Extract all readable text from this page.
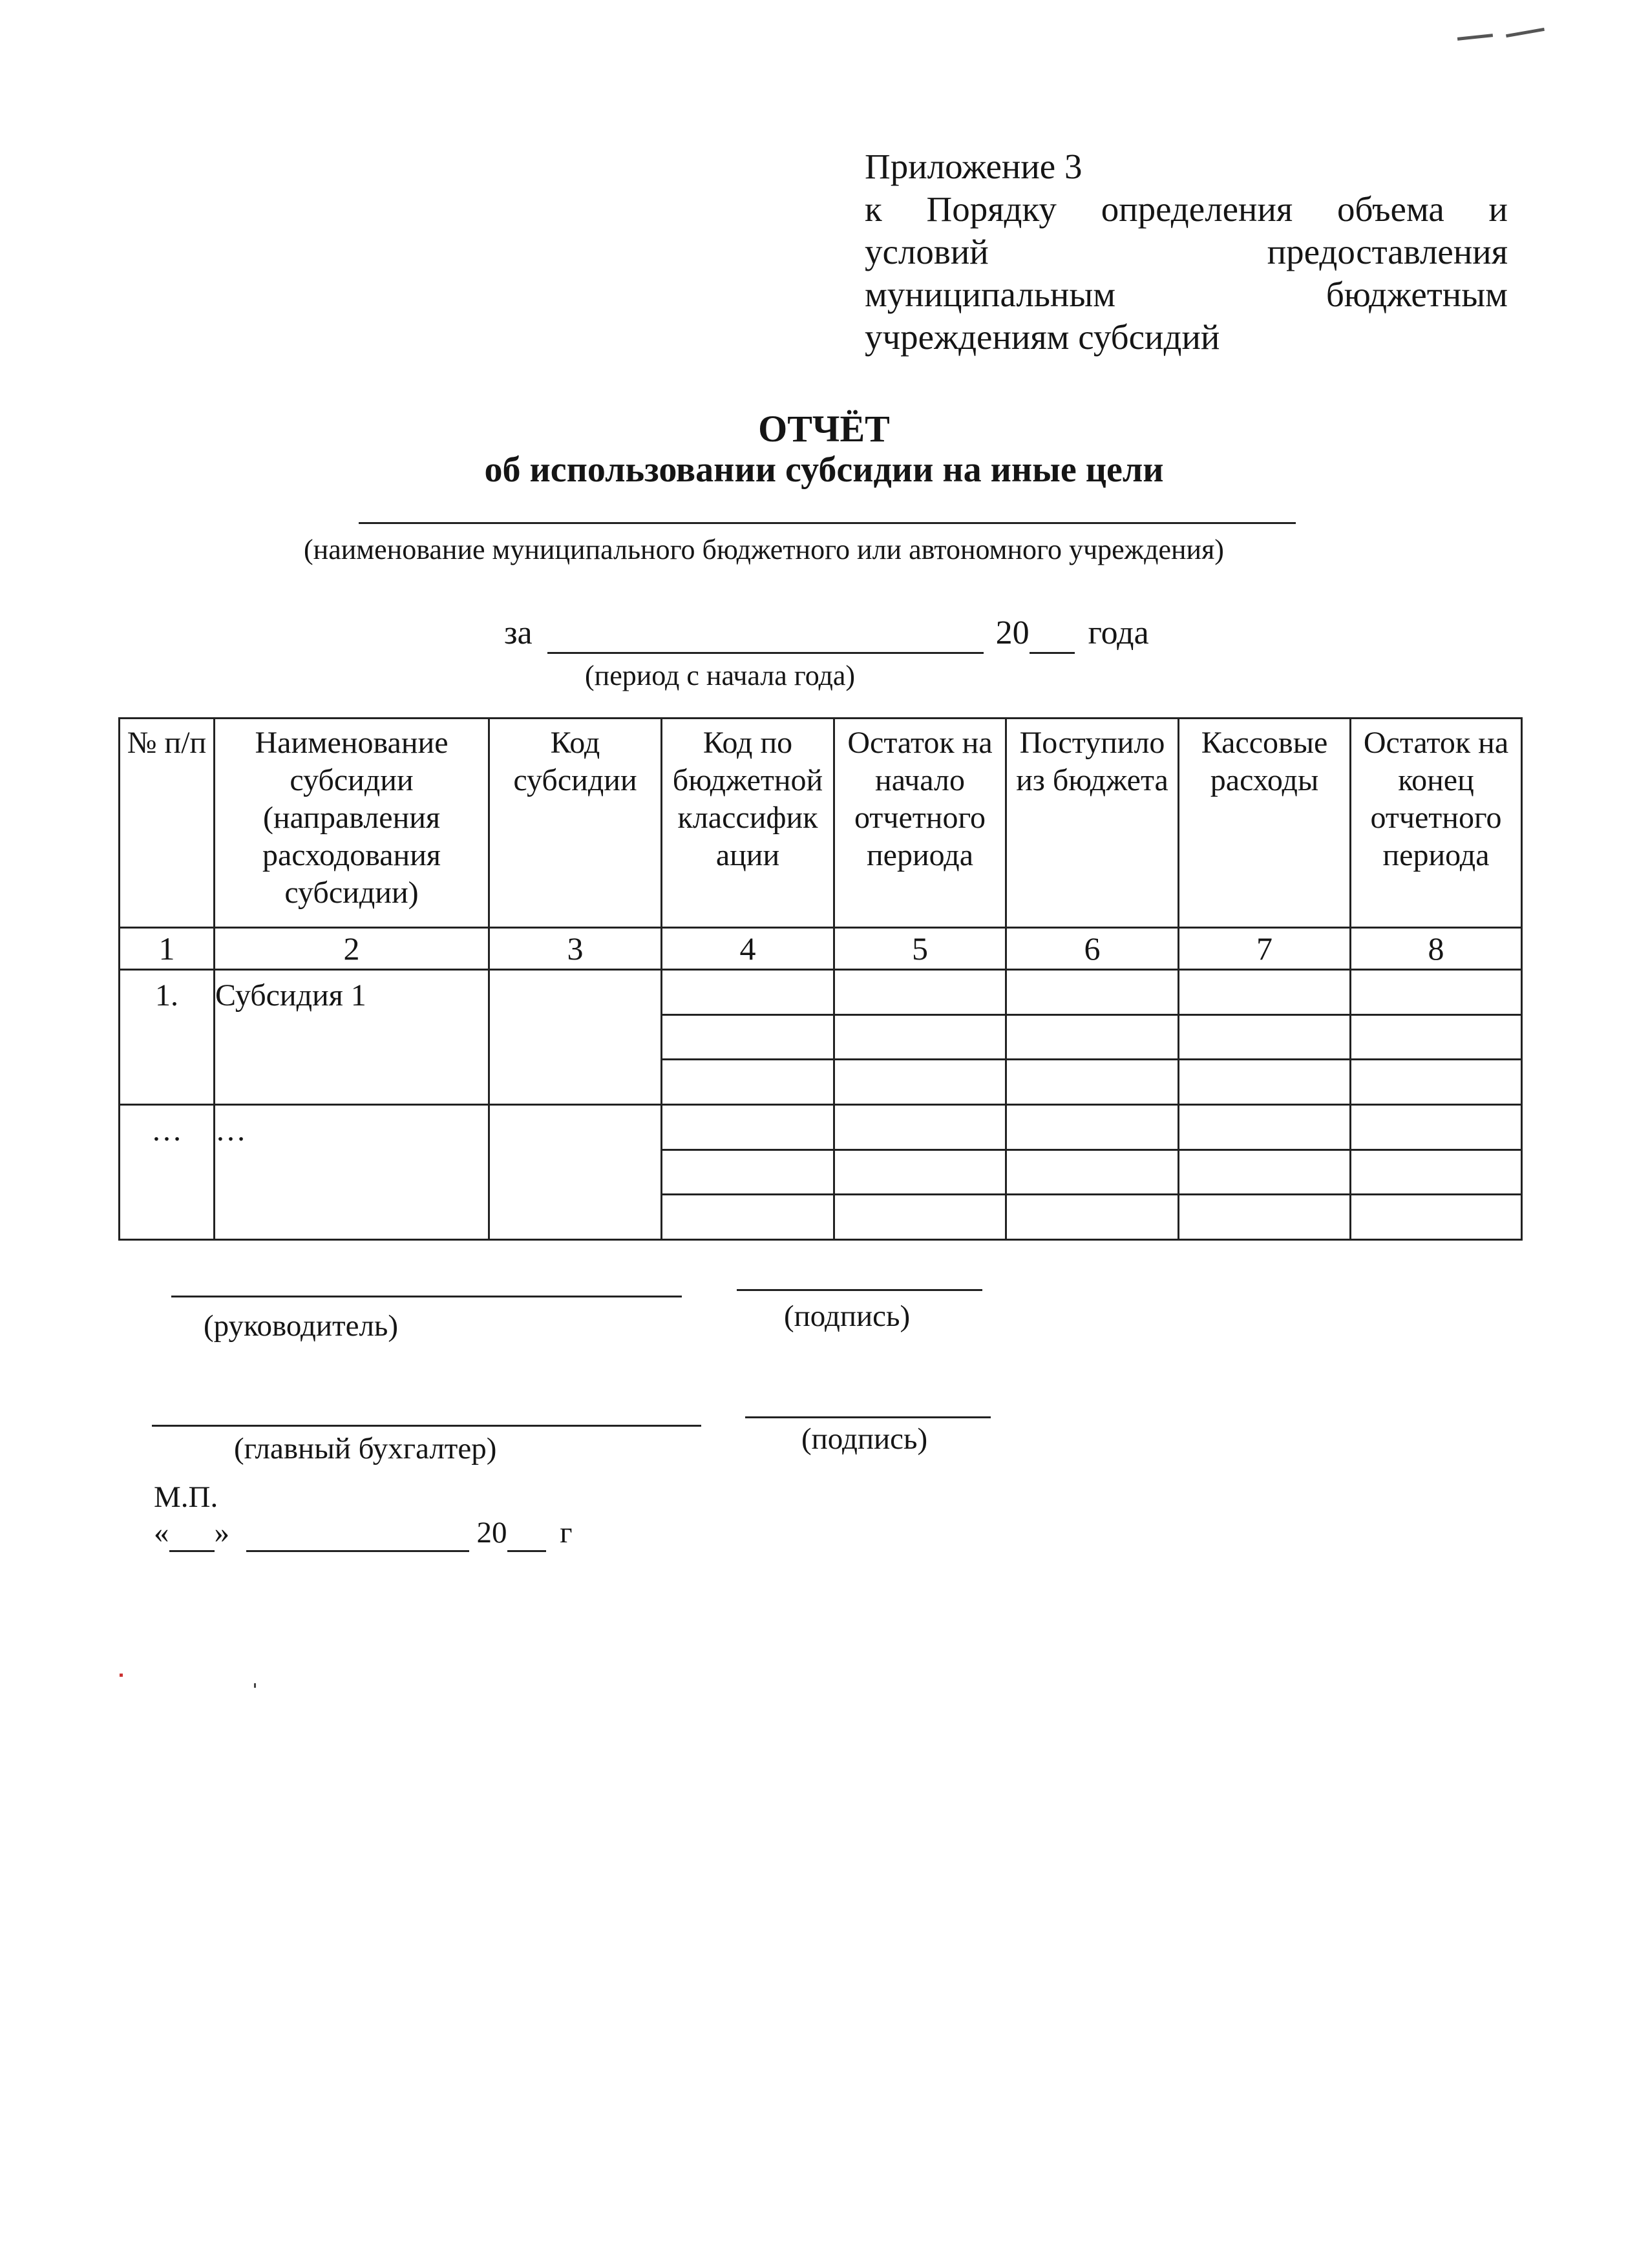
Приложение 3
к Порядку определения объема и
условий	предоставления
муниципальным	бюджетным
учреждениям субсидий
ОТЧЁТ
об использовании субсидии на иные цели
(наименование муниципального бюджетного или автономного учреждения)
за	20 года
(период с начала года)
№ п/п	Наименование субсидии (направления расходования субсидии)	Код субсидии	Код по бюджетной классифик ации	Остаток на начало отчетного периода	Поступило из бюджета	Кассовые расходы	Остаток на конец отчетного периода
1	2	3	4	5	6	7	8
1.	Субсидия 1						

…	…						

(руководитель)	(подпись)
(главный бухгалтер)	(подпись)
М.П.
« »	20 г
